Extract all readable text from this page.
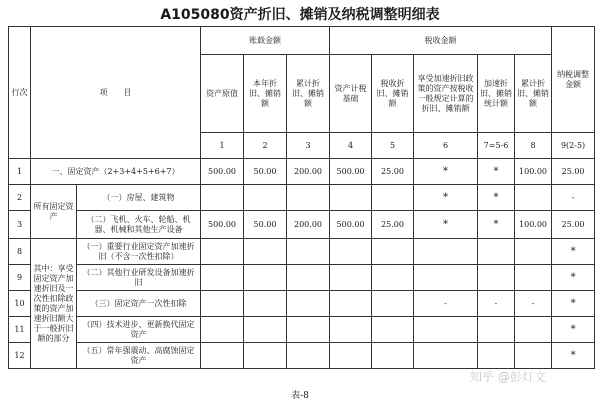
A105080资产折旧、摊销及纳税调整明细表
行次	项　　目		账载金额			税收金额					纳税调整金额
			资产原值	本年折旧、摊销额	累计折旧、摊销额	资产计税基础	税收折旧、摊销额	享受加速折旧政策的资产按税收一般规定计算的折旧、摊销额	加速折旧、摊销统计额	累计折旧、摊销额	
			1	2	3	4	5	6	7=5-6	8	9(2-5)
1	一、固定资产（2+3+4+5+6+7）		500.00	50.00	200.00	500.00	25.00	*	*	100.00	25.00
2	所有固定资产	（一）房屋、建筑物						*	*		-
3		（二）飞机、火车、轮船、机器、机械和其他生产设备	500.00	50.00	200.00	500.00	25.00	*	*	100.00	25.00
8	其中：享受固定资产加速折旧及一次性扣除政策的资产加速折旧额大于一般折旧额的部分	（一）重要行业固定资产加速折旧（不含一次性扣除）									*
9		（二）其他行业研发设备加速折旧									*
10		（三）固定资产一次性扣除						-	-	-	*
11		（四）技术进步、更新换代固定资产									*
12		（五）常年强震动、高腐蚀固定资产									*
知乎 @彭灯文
表-8
